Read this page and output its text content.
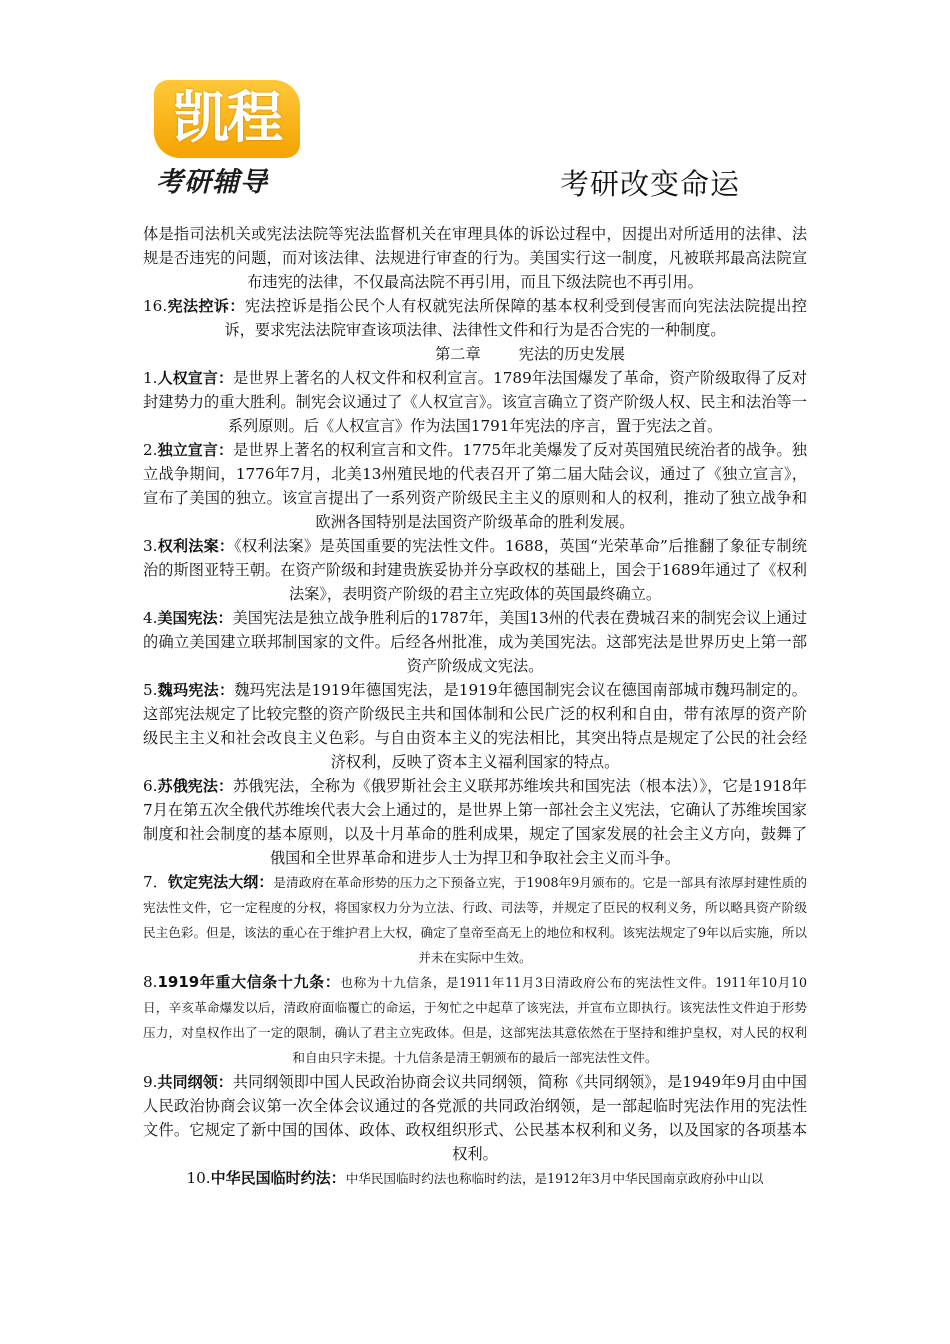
凯程
考研辅导	考研改变命运

体是指司法机关或宪法法院等宪法监督机关在审理具体的诉讼过程中，因提出对所适用的法律、法规是否违宪的问题，而对该法律、法规进行审查的行为。美国实行这一制度，凡被联邦最高法院宣布违宪的法律，不仅最高法院不再引用，而且下级法院也不再引用。

16.宪法控诉：宪法控诉是指公民个人有权就宪法所保障的基本权利受到侵害而向宪法法院提出控诉，要求宪法法院审查该项法律、法律性文件和行为是否合宪的一种制度。

第二章	宪法的历史发展

1.人权宣言：是世界上著名的人权文件和权利宣言。1789年法国爆发了革命，资产阶级取得了反对封建势力的重大胜利。制宪会议通过了《人权宣言》。该宣言确立了资产阶级人权、民主和法治等一系列原则。后《人权宣言》作为法国1791年宪法的序言，置于宪法之首。

2.独立宣言：是世界上著名的权利宣言和文件。1775年北美爆发了反对英国殖民统治者的战争。独立战争期间，1776年7月，北美13州殖民地的代表召开了第二届大陆会议，通过了《独立宣言》，宣布了美国的独立。该宣言提出了一系列资产阶级民主主义的原则和人的权利，推动了独立战争和欧洲各国特别是法国资产阶级革命的胜利发展。

3.权利法案：《权利法案》是英国重要的宪法性文件。1688，英国“光荣革命”后推翻了象征专制统治的斯图亚特王朝。在资产阶级和封建贵族妥协并分享政权的基础上，国会于1689年通过了《权利法案》，表明资产阶级的君主立宪政体的英国最终确立。

4.美国宪法：美国宪法是独立战争胜利后的1787年，美国13州的代表在费城召来的制宪会议上通过的确立美国建立联邦制国家的文件。后经各州批准，成为美国宪法。这部宪法是世界历史上第一部资产阶级成文宪法。

5.魏玛宪法：魏玛宪法是1919年德国宪法，是1919年德国制宪会议在德国南部城市魏玛制定的。这部宪法规定了比较完整的资产阶级民主共和国体制和公民广泛的权利和自由，带有浓厚的资产阶级民主主义和社会改良主义色彩。与自由资本主义的宪法相比，其突出特点是规定了公民的社会经济权利，反映了资本主义福利国家的特点。

6.苏俄宪法：苏俄宪法，全称为《俄罗斯社会主义联邦苏维埃共和国宪法（根本法）》，它是1918年7月在第五次全俄代苏维埃代表大会上通过的，是世界上第一部社会主义宪法，它确认了苏维埃国家制度和社会制度的基本原则，以及十月革命的胜利成果，规定了国家发展的社会主义方向，鼓舞了俄国和全世界革命和进步人士为捍卫和争取社会主义而斗争。

7．钦定宪法大纲：是清政府在革命形势的压力之下预备立宪，于1908年9月颁布的。它是一部具有浓厚封建性质的宪法性文件，它一定程度的分权，将国家权力分为立法、行政、司法等，并规定了臣民的权利义务，所以略具资产阶级民主色彩。但是，该法的重心在于维护君上大权，确定了皇帝至高无上的地位和权利。该宪法规定了9年以后实施，所以并未在实际中生效。

8.1919年重大信条十九条：也称为十九信条，是1911年11月3日清政府公布的宪法性文件。1911年10月10日，辛亥革命爆发以后，清政府面临覆亡的命运，于匆忙之中起草了该宪法，并宣布立即执行。该宪法性文件迫于形势压力，对皇权作出了一定的限制，确认了君主立宪政体。但是，这部宪法其意依然在于坚持和维护皇权，对人民的权利和自由只字未提。十九信条是清王朝颁布的最后一部宪法性文件。

9.共同纲领：共同纲领即中国人民政治协商会议共同纲领，简称《共同纲领》，是1949年9月由中国人民政治协商会议第一次全体会议通过的各党派的共同政治纲领，是一部起临时宪法作用的宪法性文件。它规定了新中国的国体、政体、政权组织形式、公民基本权利和义务，以及国家的各项基本权利。

10.中华民国临时约法：中华民国临时约法也称临时约法，是1912年3月中华民国南京政府孙中山以
